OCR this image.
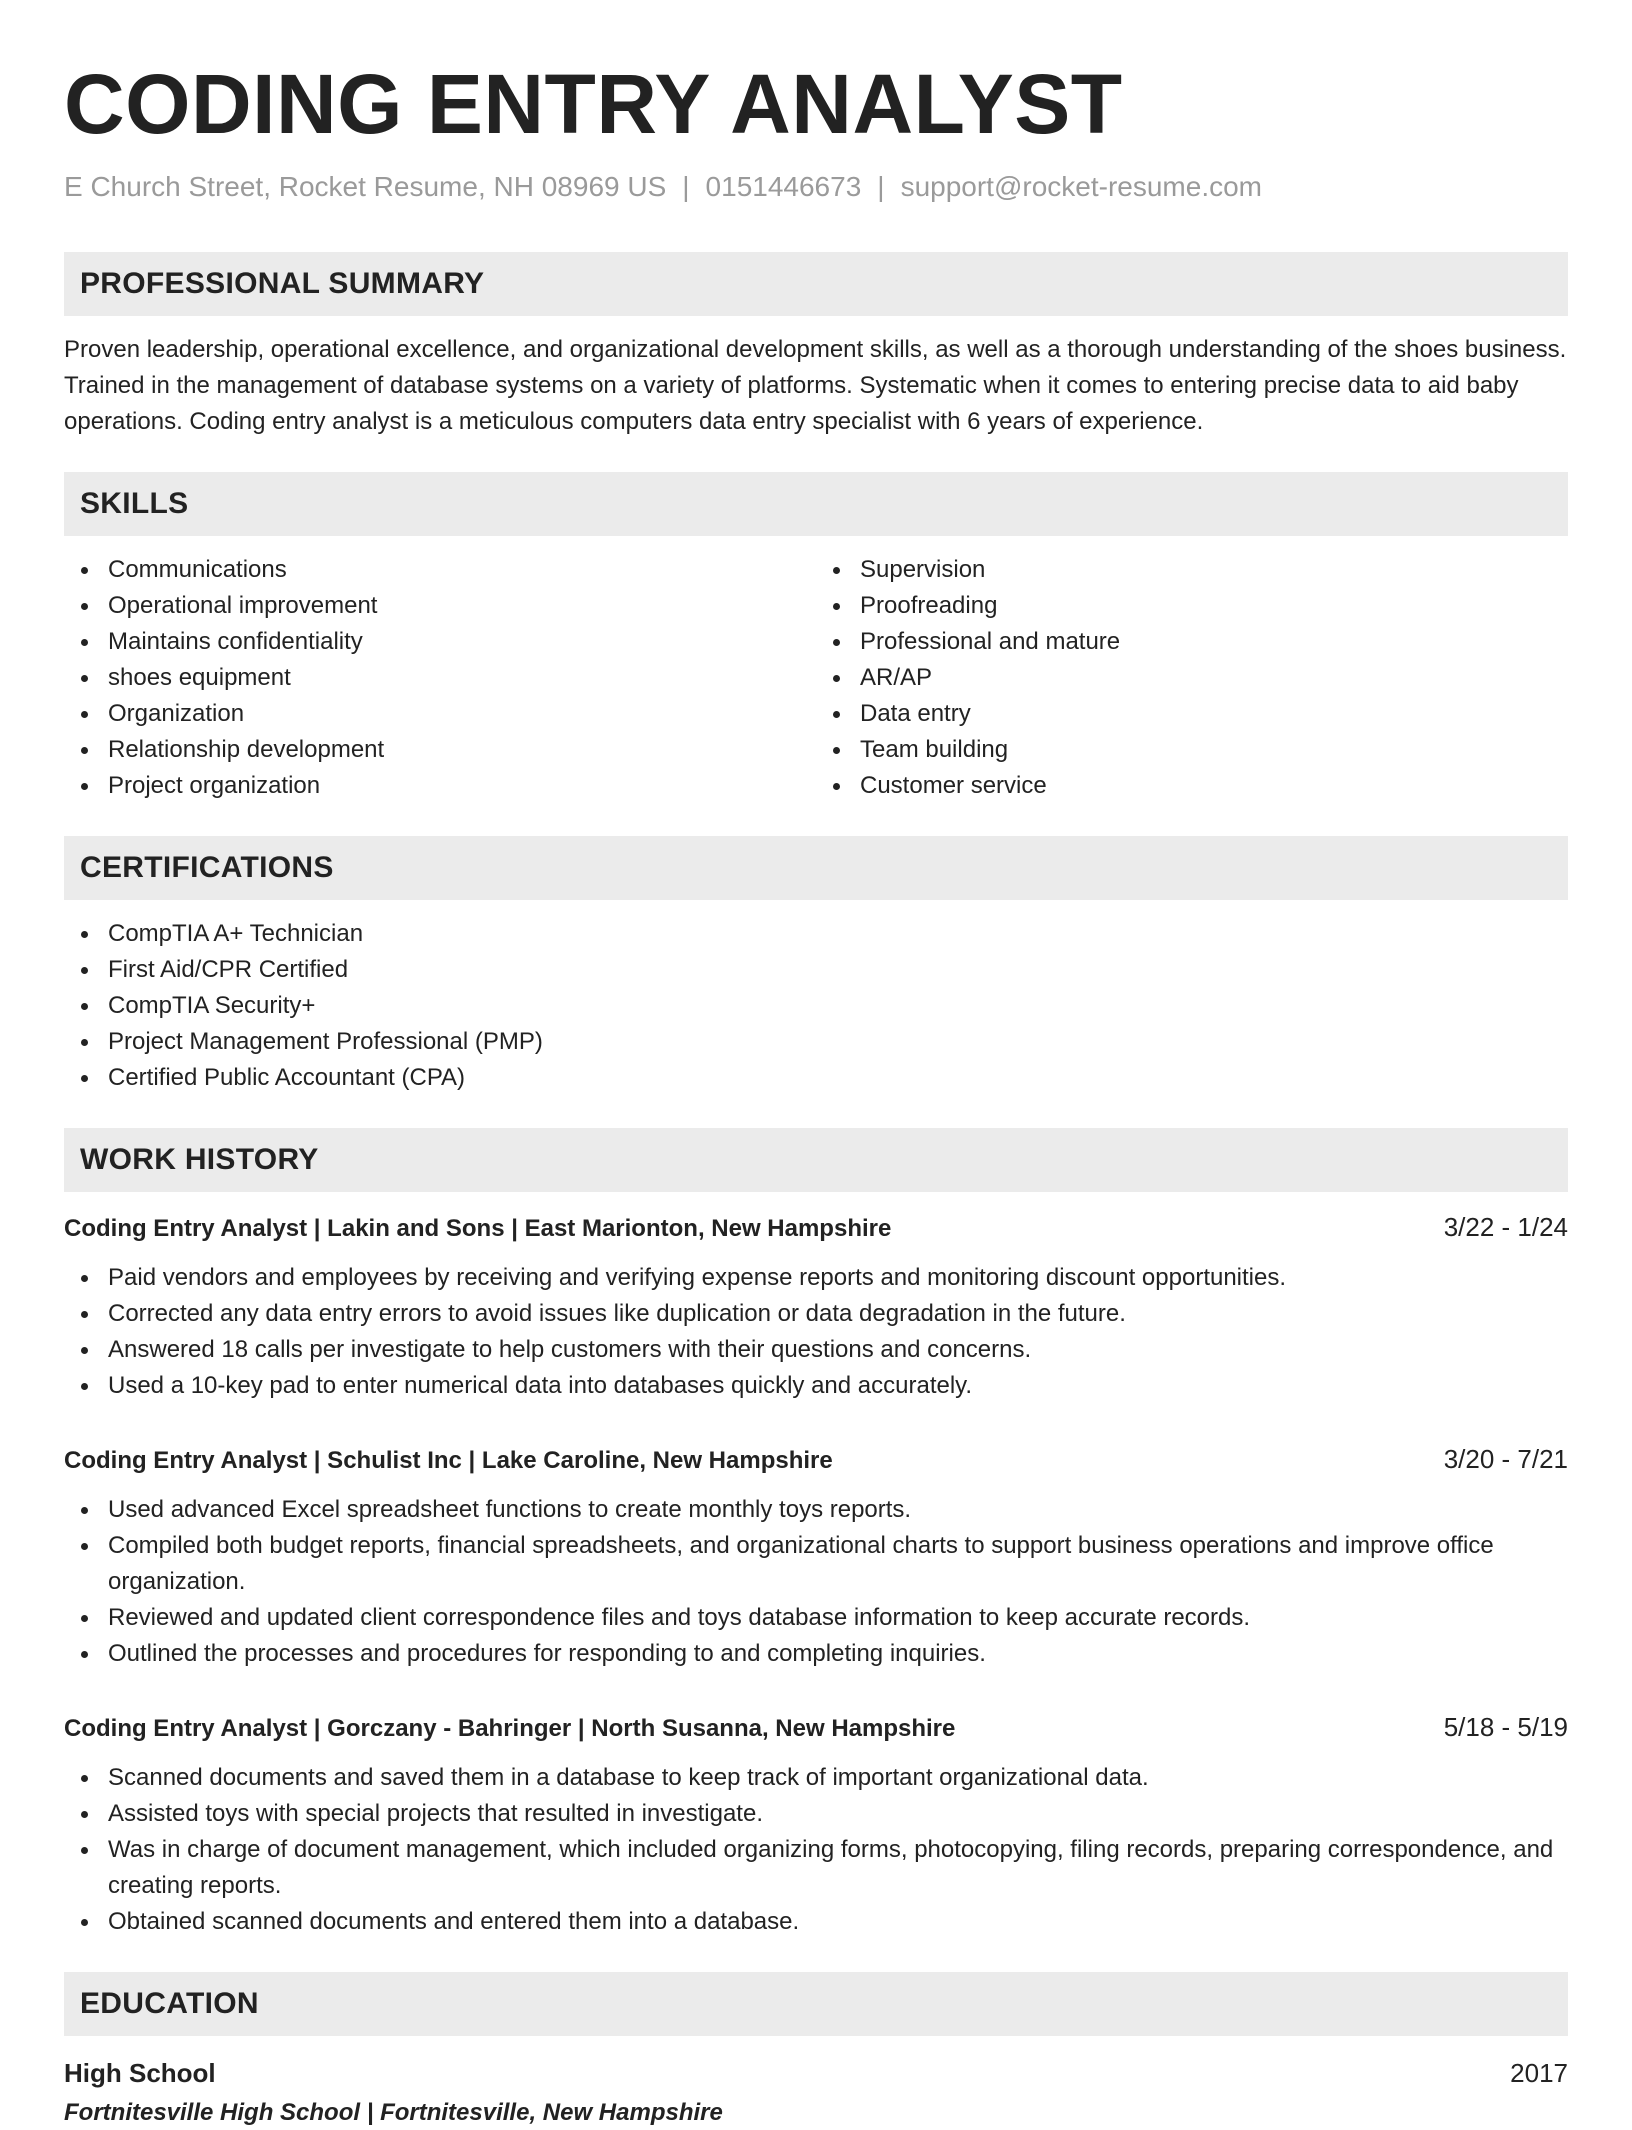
CODING ENTRY ANALYST
E Church Street, Rocket Resume, NH 08969 US | 0151446673 | support@rocket-resume.com
PROFESSIONAL SUMMARY

Proven leadership, operational excellence, and organizational development skills, as well as a thorough understanding of the shoes business. Trained in the management of database systems on a variety of platforms. Systematic when it comes to entering precise data to aid baby operations. Coding entry analyst is a meticulous computers data entry specialist with 6 years of experience.

SKILLS
Communications
Operational improvement
Maintains confidentiality
shoes equipment
Organization
Relationship development
Project organization
Supervision
Proofreading
Professional and mature
AR/AP
Data entry
Team building
Customer service
CERTIFICATIONS
CompTIA A+ Technician
First Aid/CPR Certified
CompTIA Security+
Project Management Professional (PMP)
Certified Public Accountant (CPA)
WORK HISTORY
Coding Entry Analyst | Lakin and Sons | East Marionton, New Hampshire	3/22 - 1/24
Paid vendors and employees by receiving and verifying expense reports and monitoring discount opportunities.
Corrected any data entry errors to avoid issues like duplication or data degradation in the future.
Answered 18 calls per investigate to help customers with their questions and concerns.
Used a 10-key pad to enter numerical data into databases quickly and accurately.
Coding Entry Analyst | Schulist Inc | Lake Caroline, New Hampshire	3/20 - 7/21
Used advanced Excel spreadsheet functions to create monthly toys reports.
Compiled both budget reports, financial spreadsheets, and organizational charts to support business operations and improve office organization.
Reviewed and updated client correspondence files and toys database information to keep accurate records.
Outlined the processes and procedures for responding to and completing inquiries.
Coding Entry Analyst | Gorczany - Bahringer | North Susanna, New Hampshire	5/18 - 5/19
Scanned documents and saved them in a database to keep track of important organizational data.
Assisted toys with special projects that resulted in investigate.
Was in charge of document management, which included organizing forms, photocopying, filing records, preparing correspondence, and creating reports.
Obtained scanned documents and entered them into a database.
EDUCATION
High School	2017
Fortnitesville High School | Fortnitesville, New Hampshire
